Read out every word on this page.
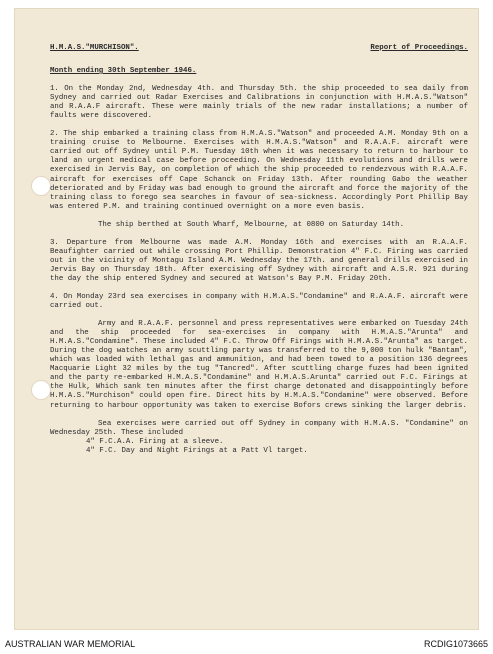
H.M.A.S."MURCHISON".	Report of Proceedings.
Month ending 30th September 1946.
1. On the Monday 2nd, Wednesday 4th. and Thursday 5th. the ship proceeded to sea daily from Sydney and carried out Radar Exercises and Calibrations in conjunction with H.M.A.S."Watson" and R.A.A.F aircraft. These were mainly trials of the new radar installations; a number of faults were discovered.
2. The ship embarked a training class from H.M.A.S."Watson" and proceeded A.M. Monday 9th on a training cruise to Melbourne. Exercises with H.M.A.S."Watson" and R.A.A.F. aircraft were carried out off Sydney until P.M. Tuesday 10th when it was necessary to return to harbour to land an urgent medical case before proceeding. On Wednesday 11th evolutions and drills were exercised in Jervis Bay, on completion of which the ship proceeded to rendezvous with R.A.A.F. aircraft for exercises off Cape Schanck on Friday 13th. After rounding Gabo the weather deteriorated and by Friday was bad enough to ground the aircraft and force the majority of the training class to forego sea searches in favour of sea-sickness. Accordingly Port Phillip Bay was entered P.M. and training continued overnight on a more even basis.
The ship berthed at South Wharf, Melbourne, at 0800 on Saturday 14th.
3. Departure from Melbourne was made A.M. Monday 16th and exercises with an R.A.A.F. Beaufighter carried out while crossing Port Phillip. Demonstration 4" F.C. Firing was carried out in the vicinity of Montagu Island A.M. Wednesday the 17th. and general drills exercised in Jervis Bay on Thursday 18th. After exercising off Sydney with aircraft and A.S.R. 921 during the day the ship entered Sydney and secured at Watson's Bay P.M. Friday 20th.
4. On Monday 23rd sea exercises in company with H.M.A.S."Condamine" and R.A.A.F. aircraft were carried out.
Army and R.A.A.F. personnel and press representatives were embarked on Tuesday 24th and the ship proceeded for sea-exercises in company with H.M.A.S."Arunta" and H.M.A.S."Condamine". These included 4" F.C. Throw Off Firings with H.M.A.S."Arunta" as target. During the dog watches an army scuttling party was transferred to the 9,000 ton hulk "Bantam", which was loaded with lethal gas and ammunition, and had been towed to a position 136 degrees Macquarie Light 32 miles by the tug "Tancred". After scuttling charge fuzes had been ignited and the party re-embarked H.M.A.S."Condamine" and H.M.A.S.Arunta" carried out F.C. Firings at the Hulk, Which sank ten minutes after the first charge detonated and disappointingly before H.M.A.S."Murchison" could open fire. Direct hits by H.M.A.S."Condamine" were observed. Before returning to harbour opportunity was taken to exercise Bofors crews sinking the larger debris.
Sea exercises were carried out off Sydney in company with H.M.A.S. "Condamine" on Wednesday 25th. These included
4" F.C.A.A. Firing at a sleeve.
4" F.C. Day and Night Firings at a Patt Vl target.
AUSTRALIAN WAR MEMORIAL	RCDIG1073665
